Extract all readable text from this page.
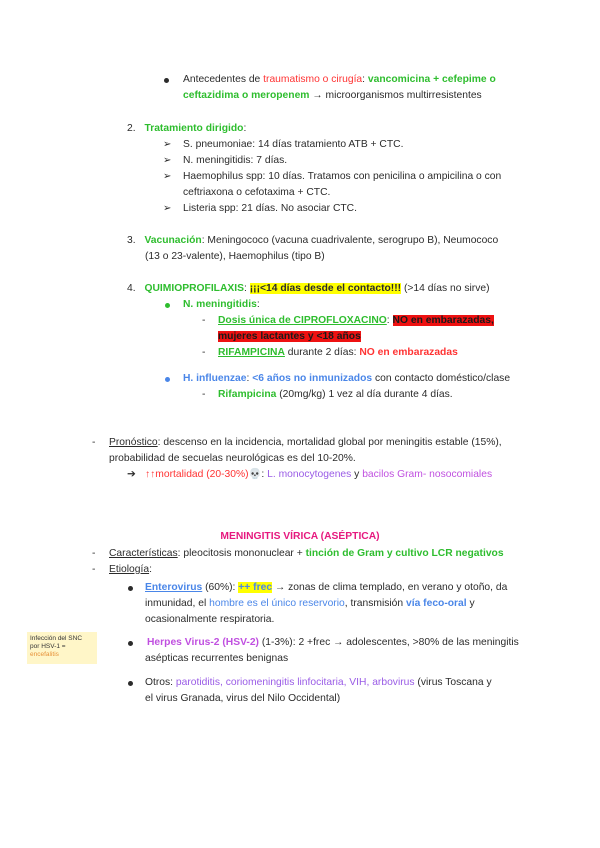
Antecedentes de traumatismo o cirugía: vancomicina + cefepime o
ceftazidima o meropenem → microorganismos multirresistentes
2. Tratamiento dirigido:
➢ S. pneumoniae: 14 días tratamiento ATB + CTC.
➢ N. meningitidis: 7 días.
➢ Haemophilus spp: 10 días. Tratamos con penicilina o ampicilina o con
ceftriaxona o cefotaxima + CTC.
➢ Listeria spp: 21 días. No asociar CTC.
3. Vacunación: Meningococo (vacuna cuadrivalente, serogrupo B), Neumococo
(13 o 23-valente), Haemophilus (tipo B)
4. QUIMIOPROFILAXIS: ¡¡¡<14 días desde el contacto!!! (>14 días no sirve)
N. meningitidis:
- Dosis única de CIPROFLOXACINO: NO en embarazadas,
mujeres lactantes y <18 años
- RIFAMPICINA durante 2 días: NO en embarazadas
H. influenzae: <6 años no inmunizados con contacto doméstico/clase
- Rifampicina (20mg/kg) 1 vez al día durante 4 días.
- Pronóstico: descenso en la incidencia, mortalidad global por meningitis estable (15%),
probabilidad de secuelas neurológicas es del 10-20%.
➔ ↑↑mortalidad (20-30%)💀: L. monocytogenes y bacilos Gram- nosocomiales
MENINGITIS VÍRICA (ASÉPTICA)
- Características: pleocitosis mononuclear + tinción de Gram y cultivo LCR negativos
- Etiología:
Enterovirus (60%): ++ frec → zonas de clima templado, en verano y otoño, da
inmunidad, el hombre es el único reservorio, transmisión vía feco-oral y
ocasionalmente respiratoria.
Herpes Virus-2 (HSV-2) (1-3%): 2 +frec → adolescentes, >80% de las meningitis
asépticas recurrentes benignas
Otros: parotiditis, coriomeningitis linfocitaria, VIH, arbovirus (virus Toscana y
el virus Granada, virus del Nilo Occidental)
Infección del SNC
por HSV-1 =
encefalitis
